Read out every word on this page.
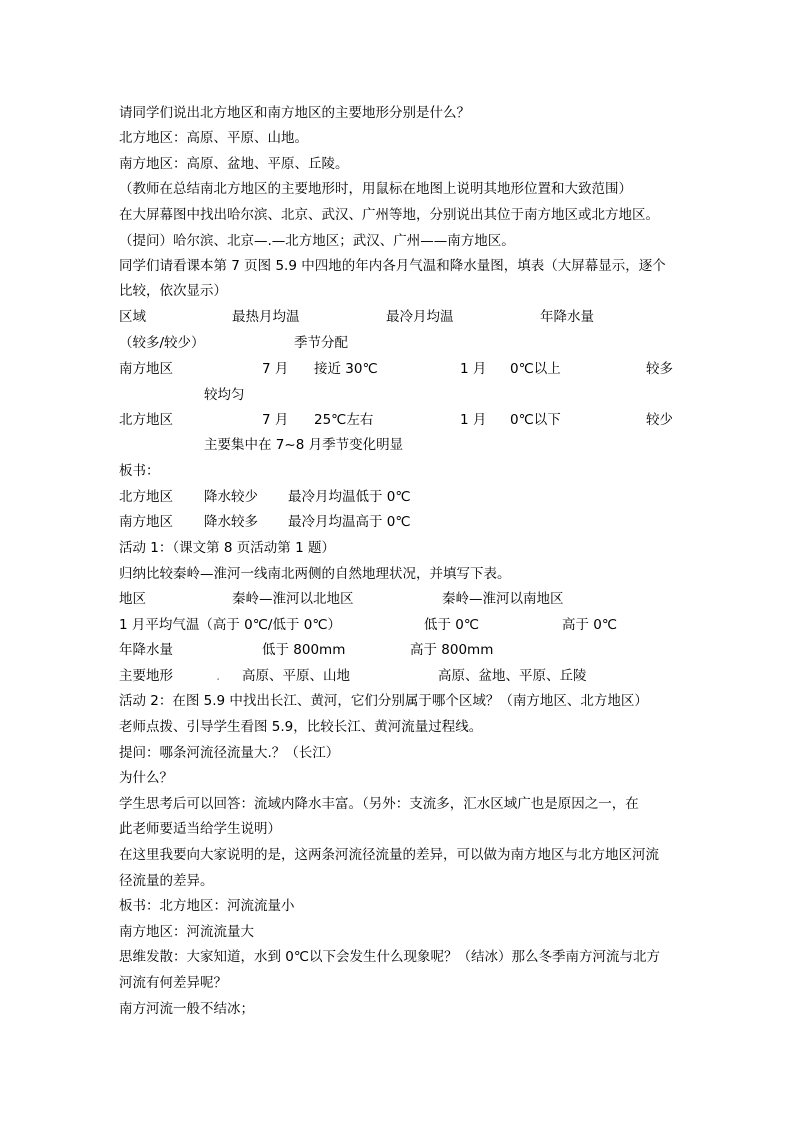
请同学们说出北方地区和南方地区的主要地形分别是什么？
北方地区：高原、平原、山地。
南方地区：高原、盆地、平原、丘陵。
（教师在总结南北方地区的主要地形时，用鼠标在地图上说明其地形位置和大致范围）
在大屏幕图中找出哈尔滨、北京、武汉、广州等地，分别说出其位于南方地区或北方地区。
（提问）哈尔滨、北京—.—北方地区；武汉、广州——南方地区。
同学们请看课本第 7 页图 5.9 中四地的年内各月气温和降水量图，填表（大屏幕显示，逐个
比较，依次显示）
区域	最热月均温	最冷月均温	年降水量
（较多/较少）	季节分配
南方地区	7 月 接近 30℃	1 月 0℃以上	较多
较均匀
北方地区	7 月 25℃左右	1 月 0℃以下	较少
主要集中在 7~8 月季节变化明显
板书：
北方地区 降水较少 最冷月均温低于 0℃
南方地区 降水较多 最冷月均温高于 0℃
活动 1：（课文第 8 页活动第 1 题）
归纳比较秦岭—淮河一线南北两侧的自然地理状况，并填写下表。
地区	秦岭—淮河以北地区	秦岭—淮河以南地区
1 月平均气温（高于 0℃/低于 0℃）	低于 0℃	高于 0℃
年降水量	低于 800mm	高于 800mm
主要地形	. 高原、平原、山地	高原、盆地、平原、丘陵
活动 2：在图 5.9 中找出长江、黄河，它们分别属于哪个区域？（南方地区、北方地区）
老师点拨、引导学生看图 5.9，比较长江、黄河流量过程线。
提问：哪条河流径流量大.？（长江）
为什么？
学生思考后可以回答：流域内降水丰富。（另外：支流多，汇水区域广也是原因之一，在
此老师要适当给学生说明）
在这里我要向大家说明的是，这两条河流径流量的差异，可以做为南方地区与北方地区河流
径流量的差异。
板书：北方地区：河流流量小
南方地区：河流流量大
思维发散：大家知道，水到 0℃以下会发生什么现象呢？（结冰）那么冬季南方河流与北方
河流有何差异呢？
南方河流一般不结冰；
